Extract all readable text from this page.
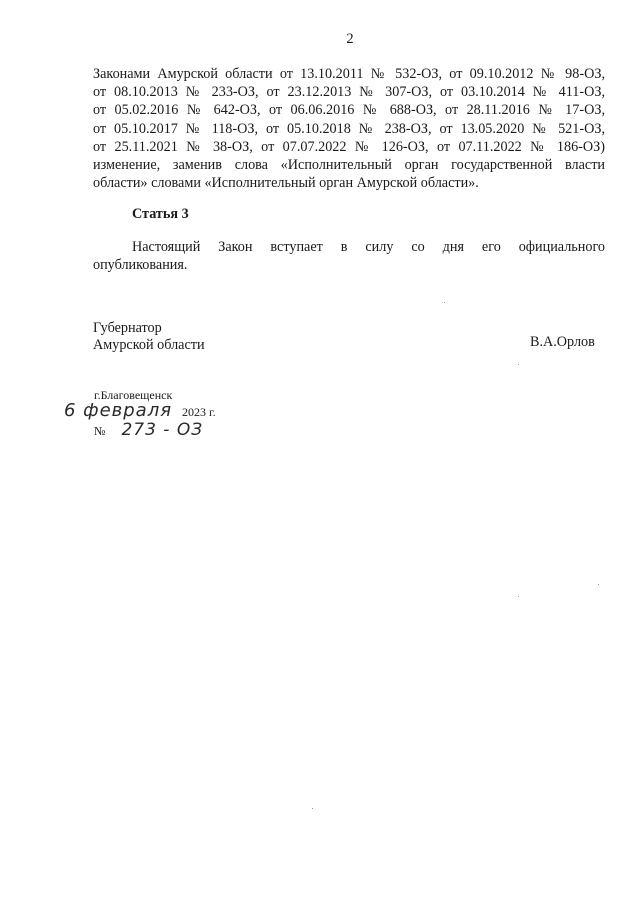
2
Законами Амурской области от 13.10.2011 № 532-ОЗ, от 09.10.2012 № 98-ОЗ,
от 08.10.2013 № 233-ОЗ, от 23.12.2013 № 307-ОЗ, от 03.10.2014 № 411-ОЗ,
от 05.02.2016 № 642-ОЗ, от 06.06.2016 № 688-ОЗ, от 28.11.2016 № 17-ОЗ,
от 05.10.2017 № 118-ОЗ, от 05.10.2018 № 238-ОЗ, от 13.05.2020 № 521-ОЗ,
от 25.11.2021 № 38-ОЗ, от 07.07.2022 № 126-ОЗ, от 07.11.2022 № 186-ОЗ)
изменение, заменив слова «Исполнительный орган государственной власти
области» словами «Исполнительный орган Амурской области».
Статья 3
Настоящий Закон вступает в силу со дня его официального
опубликования.
Губернатор
Амурской области	В.А.Орлов
г.Благовещенск
6 февраля 2023 г.
№ 273 - ОЗ
